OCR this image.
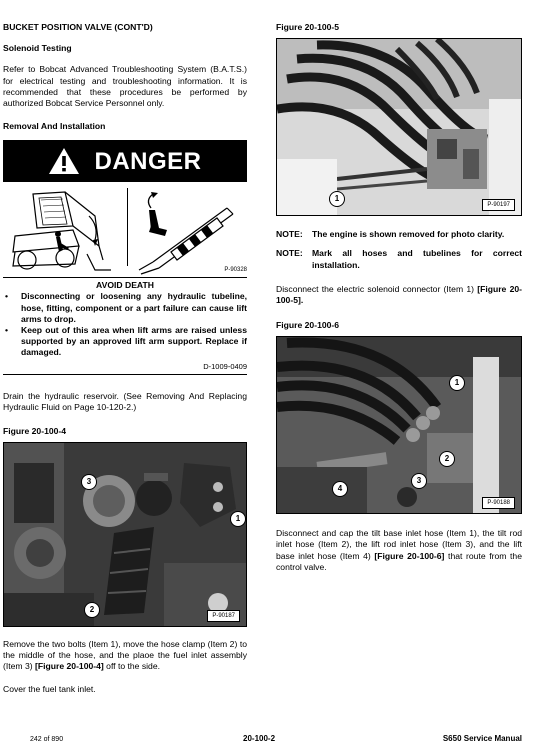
BUCKET POSITION VALVE (CONT'D)
Solenoid Testing
Refer to Bobcat Advanced Troubleshooting System (B.A.T.S.) for electrical testing and troubleshooting information. It is recommended that these procedures be performed by authorized Bobcat Service Personnel only.
Removal And Installation
DANGER
P-90328
AVOID DEATH
• Disconnecting or loosening any hydraulic tubeline, hose, fitting, component or a part failure can cause lift arms to drop.
• Keep out of this area when lift arms are raised unless supported by an approved lift arm support. Replace if damaged.
D-1009-0409
Drain the hydraulic reservoir. (See Removing And Replacing Hydraulic Fluid on Page 10-120-2.)
Figure 20-100-4
1
2
3
P-90187
Remove the two bolts (Item 1), move the hose clamp (Item 2) to the middle of the hose, and the plaoe the fuel inlet assembly (Item 3) [Figure 20-100-4] off to the side.
Cover the fuel tank inlet.
Figure 20-100-5
1
P-90197
NOTE:	The engine is shown removed for photo clarity.
NOTE:	Mark all hoses and tubelines for correct installation.
Disconnect the electric solenoid connector (Item 1) [Figure 20-100-5].
Figure 20-100-6
1
2
3
4
P-90188
Disconnect and cap the tilt base inlet hose (Item 1), the tilt rod inlet hose (Item 2), the lift rod inlet hose (Item 3), and the lift base inlet hose (Item 4) [Figure 20-100-6] that route from the control valve.
242 of 890	20-100-2	S650 Service Manual
